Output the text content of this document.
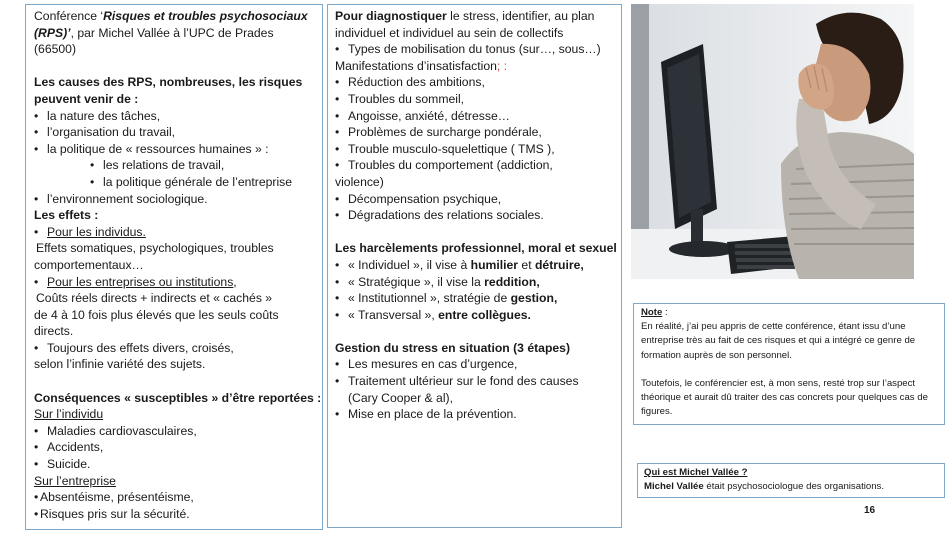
Conférence ‘Risques et troubles psychosociaux (RPS)’, par Michel Vallée à l’UPC de Prades (66500)
Les causes des RPS, nombreuses, les risques
peuvent venir de :
• la nature des tâches,
• l’organisation du travail,
• la politique de « ressources humaines » :
• les relations de travail,
• la politique générale de l’entreprise
• l’environnement sociologique.
Les effets :
• Pour les individus.
Effets somatiques, psychologiques, troubles
comportementaux…
• Pour les entreprises ou institutions,
Coûts réels directs + indirects et « cachés »
de 4 à 10 fois plus élevés que les seuls coûts
directs.
• Toujours des effets divers, croisés,
selon l’infinie variété des sujets.
Conséquences « susceptibles » d’être reportées :
Sur l’individu
• Maladies cardiovasculaires,
• Accidents,
• Suicide.
Sur l’entreprise
• Absentéisme, présentéisme,
• Risques pris sur la sécurité.
Pour diagnostiquer le stress, identifier, au plan
individuel et individuel au sein de collectifs
• Types de mobilisation du tonus (sur…, sous…)
Manifestations d’insatisfaction; :
• Réduction des ambitions,
• Troubles du sommeil,
• Angoisse, anxiété, détresse…
• Problèmes de surcharge pondérale,
• Trouble musculo-squelettique ( TMS ),
• Troubles du comportement (addiction,
violence)
• Décompensation psychique,
• Dégradations des relations sociales.
Les harcèlements professionnel, moral et sexuel
• « Individuel », il vise à humilier et détruire,
• « Stratégique », il vise la reddition,
• « Institutionnel », stratégie de gestion,
• « Transversal », entre collègues.
Gestion du stress en situation (3 étapes)
• Les mesures en cas d’urgence,
• Traitement ultérieur sur le fond des causes
(Cary Cooper & al),
• Mise en place de la prévention.
Note :
En réalité, j’ai peu appris de cette conférence, étant issu d’une entreprise très au fait de ces risques et qui a intégré ce genre de formation auprès de son personnel.
Toutefois, le conférencier est, à mon sens, resté trop sur l’aspect théorique et aurait dû traiter des cas concrets pour quelques cas de figures.
Qui est Michel Vallée ?
Michel Vallée était psychosociologue des organisations.
16
